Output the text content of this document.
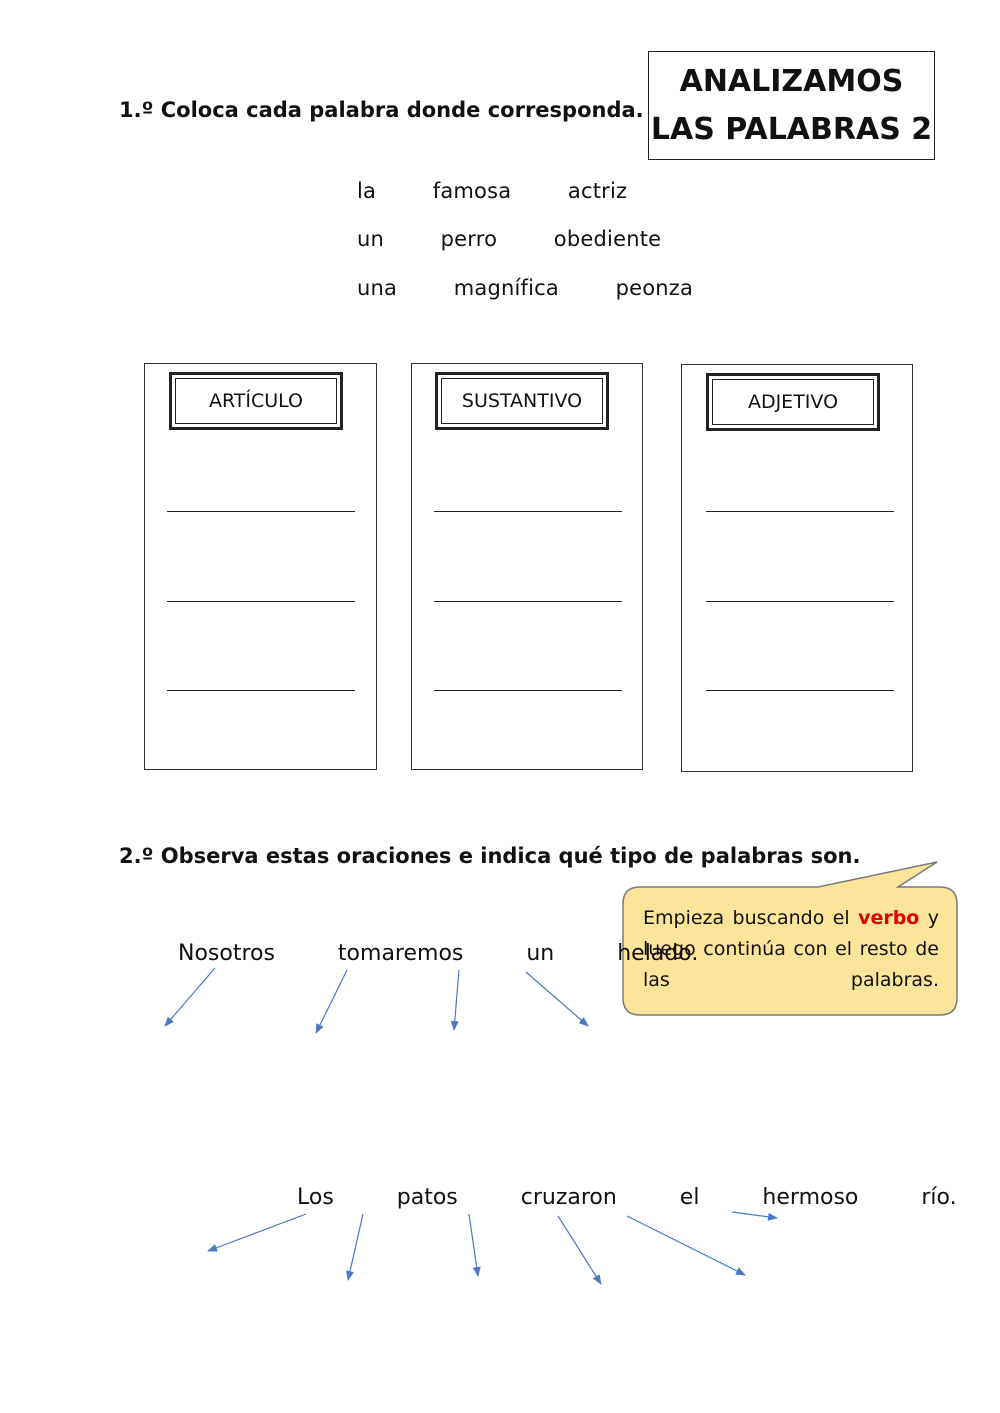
1.º Coloca cada palabra donde corresponda.
ANALIZAMOS
LAS PALABRAS 2
la   famosa   actriz
un   perro   obediente
una   magnífica   peonza
ARTÍCULO	SUSTANTIVO	ADJETIVO
2.º Observa estas oraciones e indica qué tipo de palabras son.
Empieza buscando el verbo y luego continúa con el resto de las palabras.
Nosotros   tomaremos   un   helado.
Los   patos   cruzaron   el   hermoso   río.
